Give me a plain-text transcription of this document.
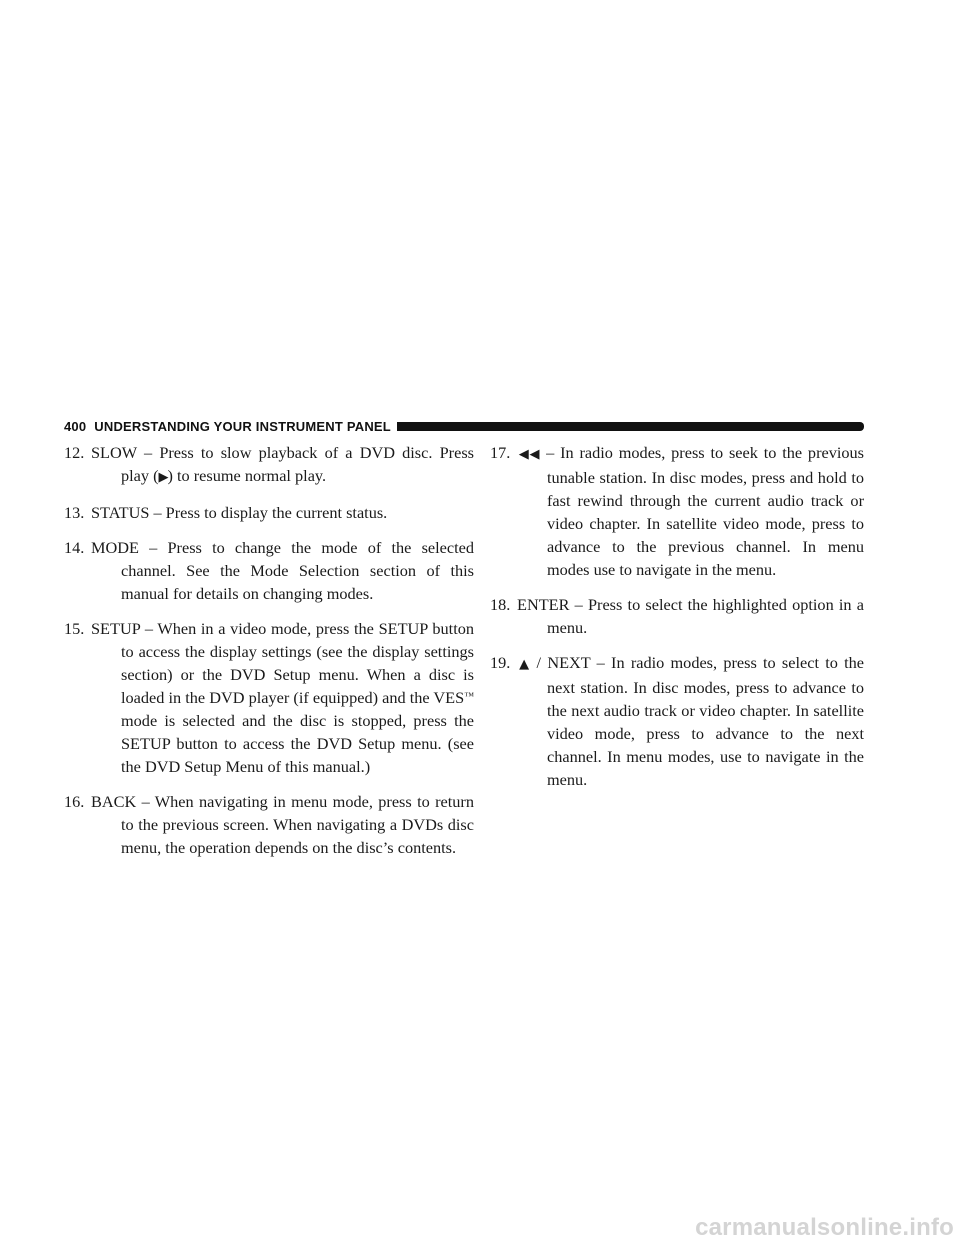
400 UNDERSTANDING YOUR INSTRUMENT PANEL

12. SLOW – Press to slow playback of a DVD disc. Press play (▶) to resume normal play.

13. STATUS – Press to display the current status.

14. MODE – Press to change the mode of the selected channel. See the Mode Selection section of this manual for details on changing modes.

15. SETUP – When in a video mode, press the SETUP button to access the display settings (see the display settings section) or the DVD Setup menu. When a disc is loaded in the DVD player (if equipped) and the VES™ mode is selected and the disc is stopped, press the SETUP button to access the DVD Setup menu. (see the DVD Setup Menu of this manual.)

16. BACK – When navigating in menu mode, press to return to the previous screen. When navigating a DVDs disc menu, the operation depends on the disc’s contents.

17. ◀◀ – In radio modes, press to seek to the previous tunable station. In disc modes, press and hold to fast rewind through the current audio track or video chapter. In satellite video mode, press to advance to the previous channel. In menu modes use to navigate in the menu.

18. ENTER – Press to select the highlighted option in a menu.

19. ▲ / NEXT – In radio modes, press to select to the next station. In disc modes, press to advance to the next audio track or video chapter. In satellite video mode, press to advance to the next channel. In menu modes, use to navigate in the menu.

carmanualsonline.info
